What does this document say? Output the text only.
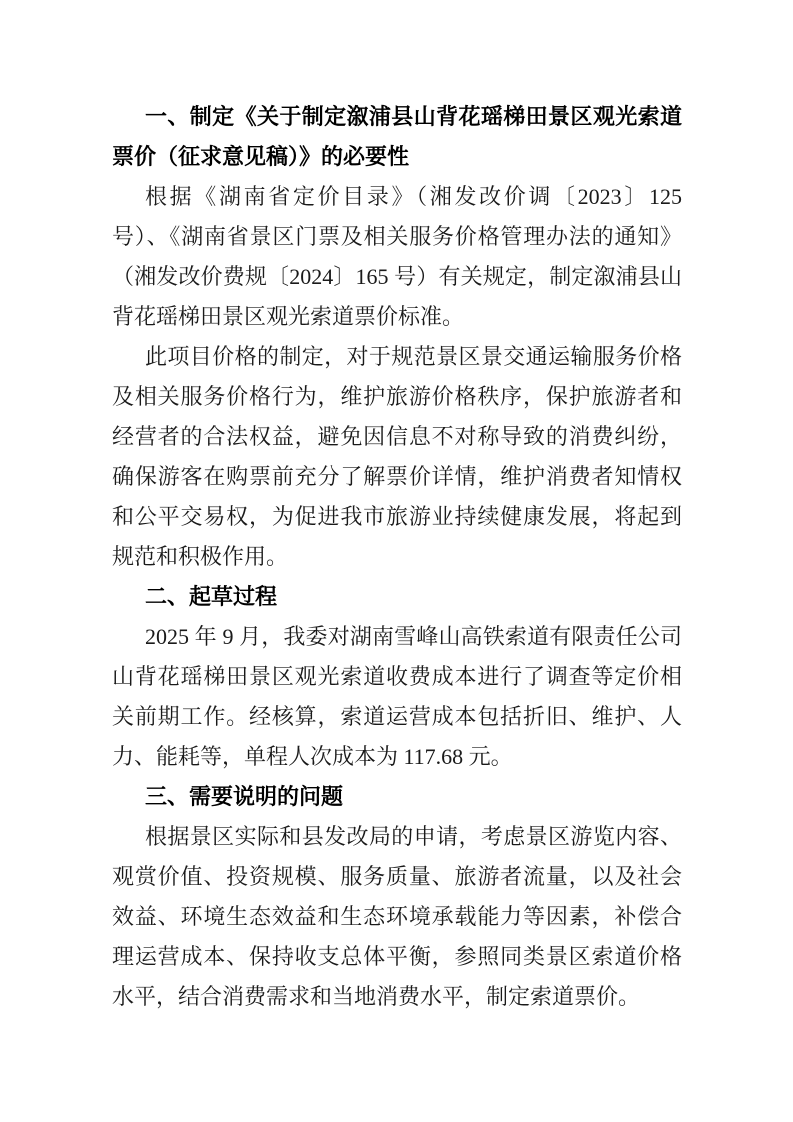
一、制定《关于制定溆浦县山背花瑶梯田景区观光索道票价（征求意见稿）》的必要性

根据《湖南省定价目录》（湘发改价调〔2023〕125 号）、《湖南省景区门票及相关服务价格管理办法的通知》（湘发改价费规〔2024〕165 号）有关规定，制定溆浦县山背花瑶梯田景区观光索道票价标准。

此项目价格的制定，对于规范景区景交通运输服务价格及相关服务价格行为，维护旅游价格秩序，保护旅游者和经营者的合法权益，避免因信息不对称导致的消费纠纷，确保游客在购票前充分了解票价详情，维护消费者知情权和公平交易权，为促进我市旅游业持续健康发展，将起到规范和积极作用。

二、起草过程

2025 年 9 月，我委对湖南雪峰山高铁索道有限责任公司山背花瑶梯田景区观光索道收费成本进行了调查等定价相关前期工作。经核算，索道运营成本包括折旧、维护、人力、能耗等，单程人次成本为 117.68 元。

三、需要说明的问题

根据景区实际和县发改局的申请，考虑景区游览内容、观赏价值、投资规模、服务质量、旅游者流量，以及社会效益、环境生态效益和生态环境承载能力等因素，补偿合理运营成本、保持收支总体平衡，参照同类景区索道价格水平，结合消费需求和当地消费水平，制定索道票价。
